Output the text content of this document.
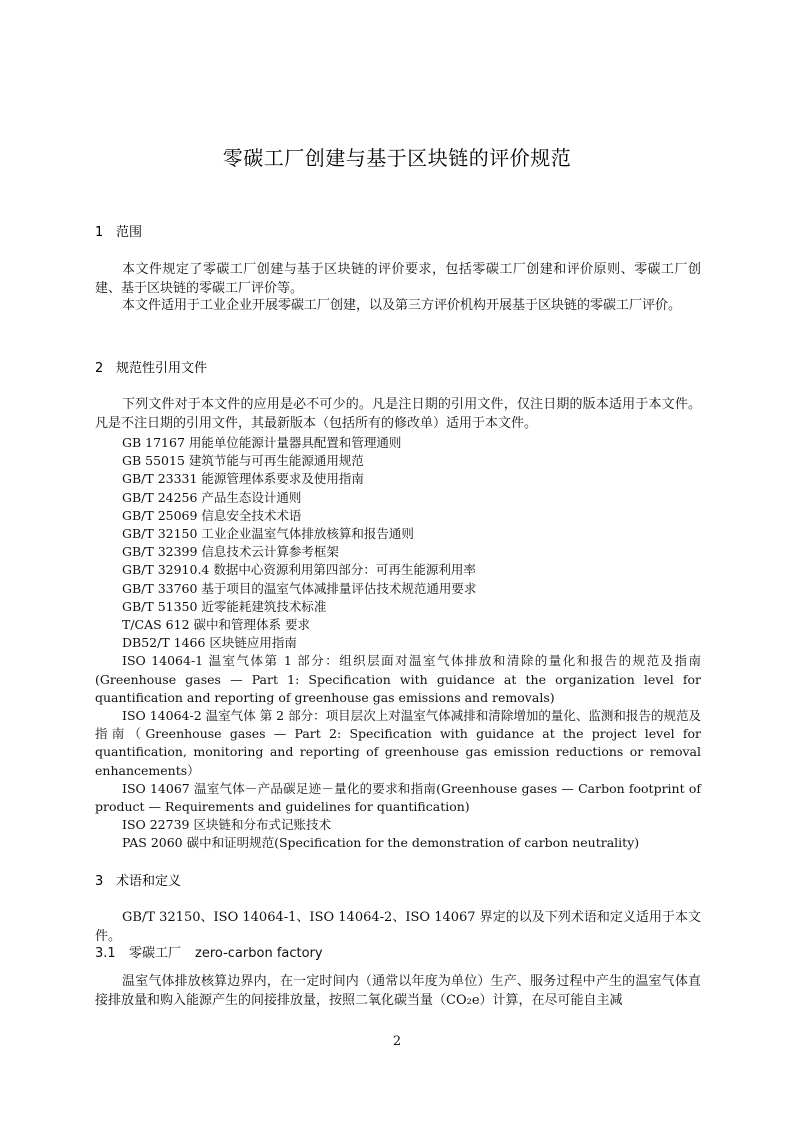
零碳工厂创建与基于区块链的评价规范
1 范围

本文件规定了零碳工厂创建与基于区块链的评价要求，包括零碳工厂创建和评价原则、零碳工厂创建、基于区块链的零碳工厂评价等。

本文件适用于工业企业开展零碳工厂创建，以及第三方评价机构开展基于区块链的零碳工厂评价。

2 规范性引用文件

下列文件对于本文件的应用是必不可少的。凡是注日期的引用文件，仅注日期的版本适用于本文件。凡是不注日期的引用文件，其最新版本（包括所有的修改单）适用于本文件。

GB 17167 用能单位能源计量器具配置和管理通则
GB 55015 建筑节能与可再生能源通用规范
GB/T 23331 能源管理体系要求及使用指南
GB/T 24256 产品生态设计通则
GB/T 25069 信息安全技术术语
GB/T 32150 工业企业温室气体排放核算和报告通则
GB/T 32399 信息技术云计算参考框架
GB/T 32910.4 数据中心资源利用第四部分：可再生能源利用率
GB/T 33760 基于项目的温室气体减排量评估技术规范通用要求
GB/T 51350 近零能耗建筑技术标准
T/CAS 612 碳中和管理体系 要求
DB52/T 1466 区块链应用指南
ISO 14064-1 温室气体第 1 部分：组织层面对温室气体排放和清除的量化和报告的规范及指南(Greenhouse gases — Part 1: Specification with guidance at the organization level for quantification and reporting of greenhouse gas emissions and removals)
ISO 14064-2 温室气体 第 2 部分：项目层次上对温室气体减排和清除增加的量化、监测和报告的规范及指南（Greenhouse gases — Part 2: Specification with guidance at the project level for quantification, monitoring and reporting of greenhouse gas emission reductions or removal enhancements）
ISO 14067 温室气体－产品碳足迹－量化的要求和指南(Greenhouse gases — Carbon footprint of product — Requirements and guidelines for quantification)
ISO 22739 区块链和分布式记账技术
PAS 2060 碳中和证明规范(Specification for the demonstration of carbon neutrality)
3 术语和定义

GB/T 32150、ISO 14064-1、ISO 14064-2、ISO 14067 界定的以及下列术语和定义适用于本文件。

3.1 零碳工厂 zero-carbon factory

温室气体排放核算边界内，在一定时间内（通常以年度为单位）生产、服务过程中产生的温室气体直接排放量和购入能源产生的间接排放量，按照二氧化碳当量（CO₂e）计算，在尽可能自主减

2
